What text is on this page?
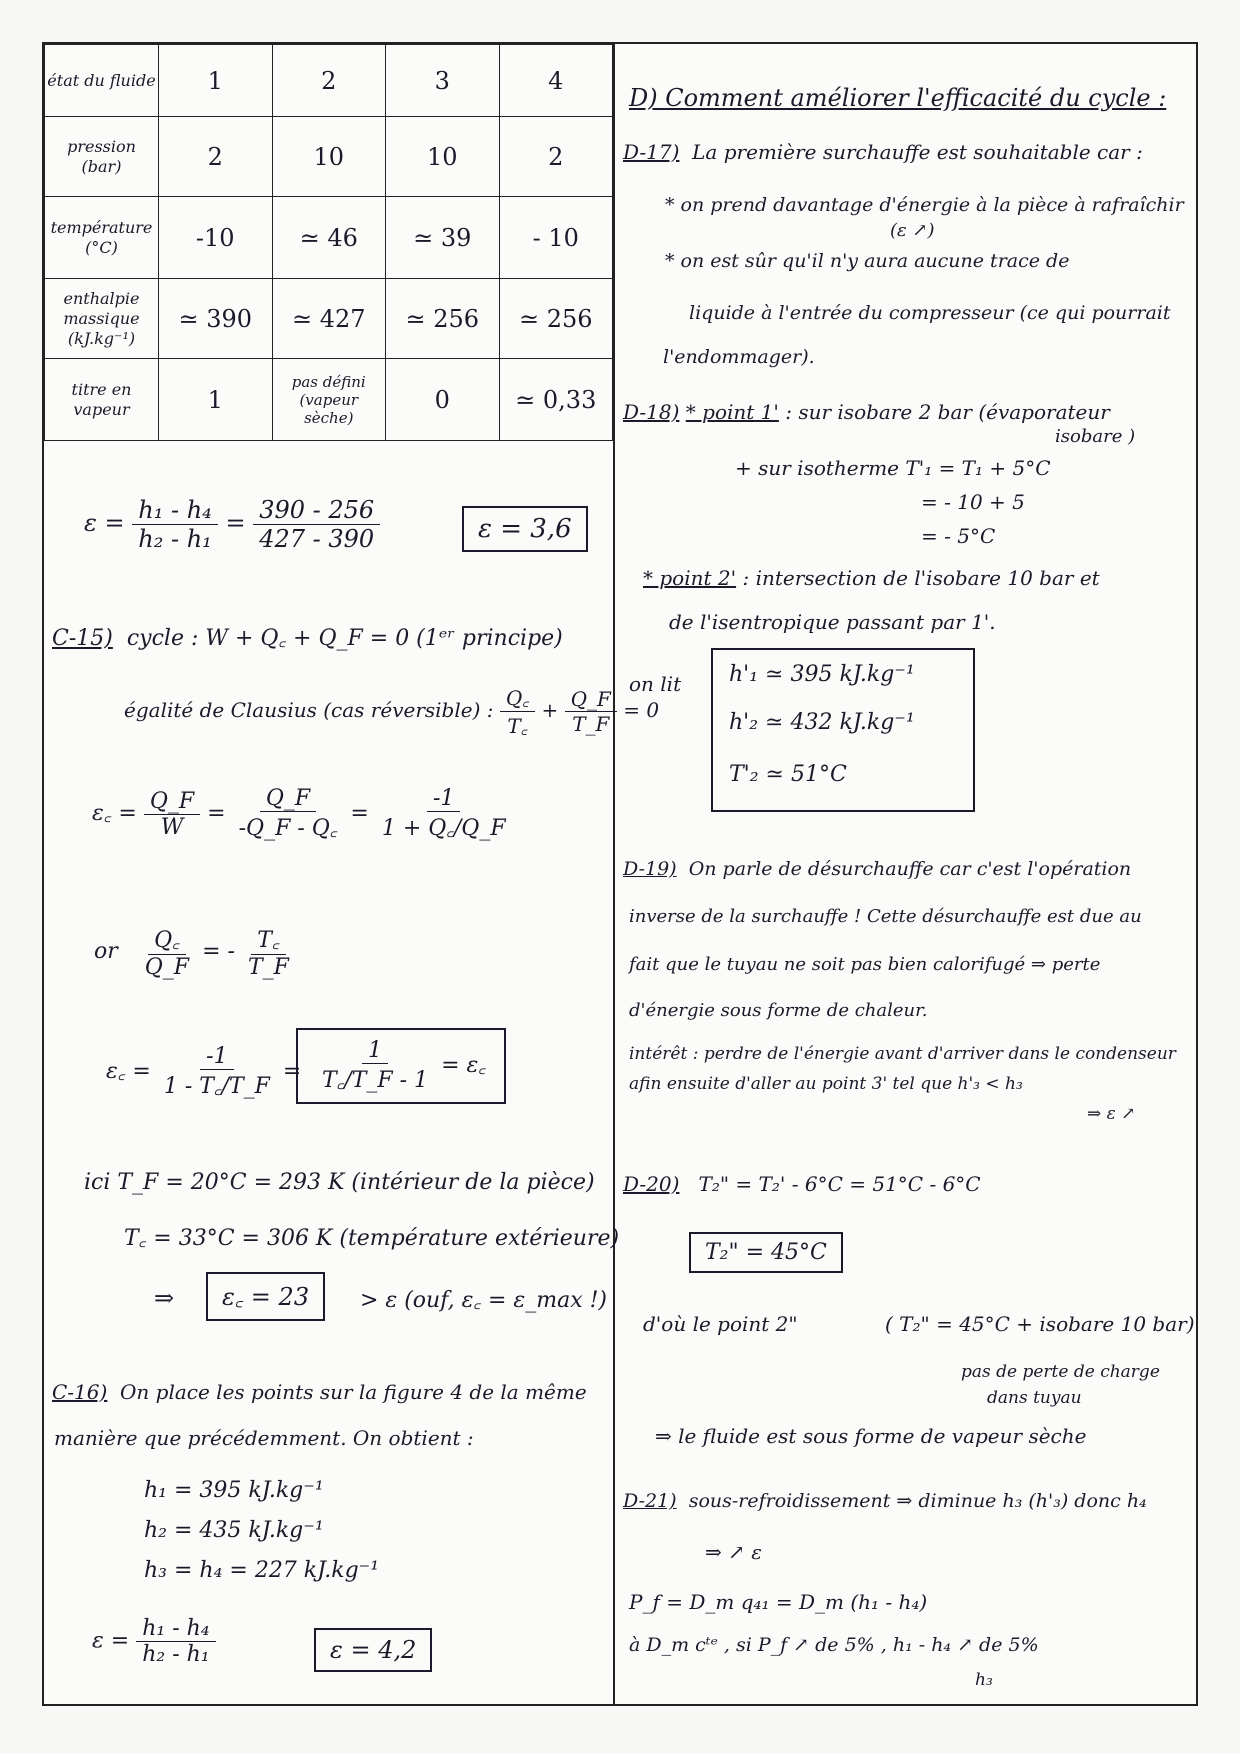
état du fluide	1	2	3	4
pression (bar)	2	10	10	2
température (°C)	-10	≃ 46	≃ 39	- 10
enthalpie massique (kJ.kg⁻¹)	≃ 390	≃ 427	≃ 256	≃ 256
titre en vapeur	1	pas défini (vapeur sèche)	0	≃ 0,33
$\varepsilon = \frac{\text{h₁ - h₄}}{\text{h₂ - h₁}} = \frac{390 - 256}{427 - 390}$	ε = 3,6
C-15) cycle : W + Q꜀ + Q_F = 0 (1ᵉʳ principe)
égalité de Clausius (cas réversible) : $\frac{Q꜀}{T꜀} + \frac{Q\_F}{T\_F} = 0$
ε꜀ = $\frac{Q\_F}{W} = \frac{Q\_F}{-Q\_F - Q꜀} = \frac{-1}{1 + Q꜀/Q\_F}$
or $\frac{Q꜀}{Q\_F}$ = - $\frac{T꜀}{T\_F}$
ε꜀ = $\frac{-1}{1 - T꜀/T\_F} = \frac{1}{T꜀/T\_F - 1}$ = ε꜀
ici T_F = 20°C = 293 K (intérieur de la pièce)
T꜀ = 33°C = 306 K (température extérieure)
⇒	ε꜀ = 23	> ε (ouf, ε꜀ = ε_max !)
C-16) On place les points sur la figure 4 de la même
manière que précédemment. On obtient :
h₁ = 395 kJ.kg⁻¹
h₂ = 435 kJ.kg⁻¹
h₃ = h₄ = 227 kJ.kg⁻¹
$\varepsilon = \frac{\text{h₁ - h₄}}{\text{h₂ - h₁}}$	ε = 4,2
D) Comment améliorer l'efficacité du cycle :
D-17) La première surchauffe est souhaitable car :
* on prend davantage d'énergie à la pièce à rafraîchir
(ε ↗)
* on est sûr qu'il n'y aura aucune trace de
liquide à l'entrée du compresseur (ce qui pourrait
l'endommager).
D-18) * point 1' : sur isobare 2 bar (évaporateur
isobare )
+ sur isotherme T'₁ = T₁ + 5°C
= - 10 + 5
= - 5°C
* point 2' : intersection de l'isobare 10 bar et
de l'isentropique passant par 1'.
on lit h'₁ ≃ 395 kJ.kg⁻¹
h'₂ ≃ 432 kJ.kg⁻¹
T'₂ ≃ 51°C
D-19) On parle de désurchauffe car c'est l'opération
inverse de la surchauffe ! Cette désurchauffe est due au
fait que le tuyau ne soit pas bien calorifugé ⇒ perte
d'énergie sous forme de chaleur.
intérêt : perdre de l'énergie avant d'arriver dans le condenseur
afin ensuite d'aller au point 3' tel que h'₃ < h₃
⇒ ε ↗
D-20) T₂" = T₂' - 6°C = 51°C - 6°C
T₂" = 45°C
d'où le point 2"	( T₂" = 45°C + isobare 10 bar)
pas de perte de charge
dans tuyau
⇒ le fluide est sous forme de vapeur sèche
D-21) sous-refroidissement ⇒ diminue h₃ (h'₃) donc h₄
⇒ ↗ ε
P_f = D_m q₄₁ = D_m (h₁ - h₄)
à D_m cᵗᵉ , si P_f ↗ de 5% , h₁ - h₄ ↗ de 5%
h₃
